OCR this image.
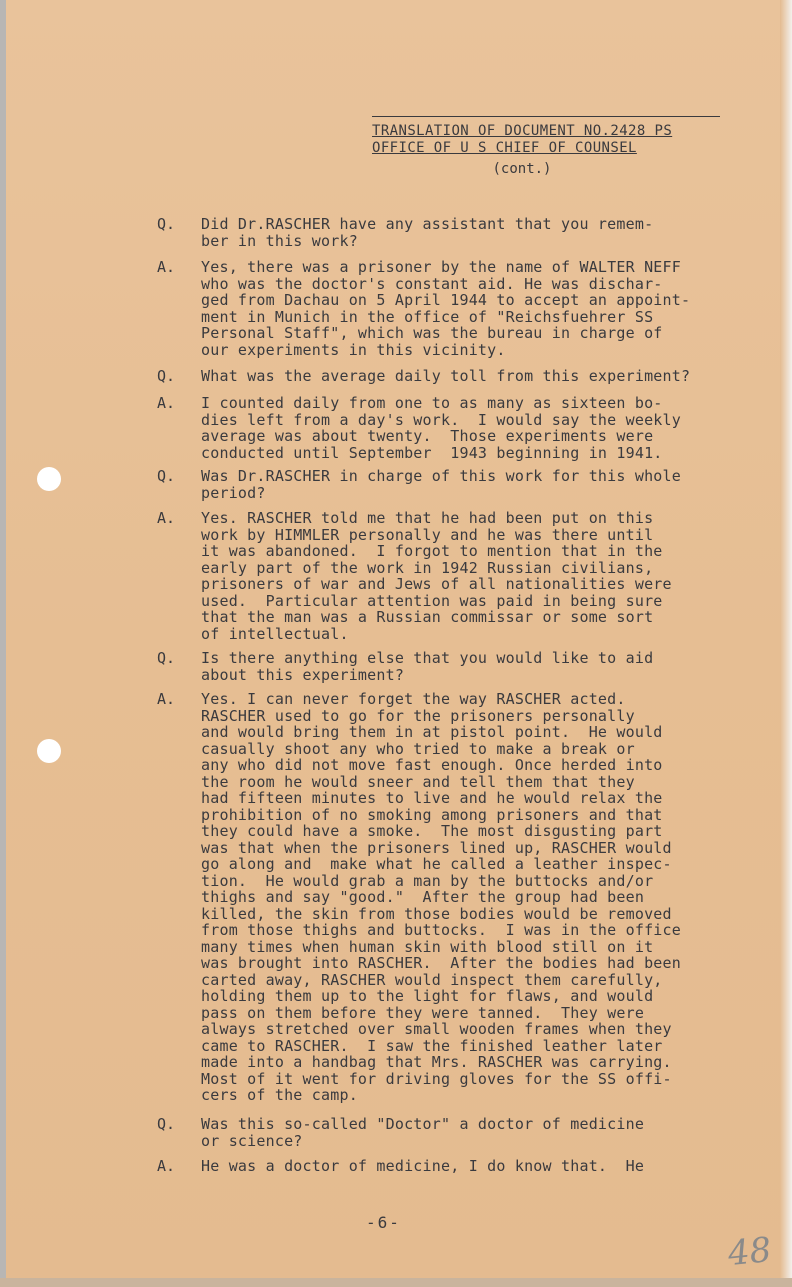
TRANSLATION OF DOCUMENT NO.2428 PS
OFFICE OF U S CHIEF OF COUNSEL
(cont.)
Q. Did Dr.RASCHER have any assistant that you remem-
ber in this work?
A. Yes, there was a prisoner by the name of WALTER NEFF
who was the doctor's constant aid. He was dischar-
ged from Dachau on 5 April 1944 to accept an appoint-
ment in Munich in the office of "Reichsfuehrer SS
Personal Staff", which was the bureau in charge of
our experiments in this vicinity.
Q. What was the average daily toll from this experiment?
A. I counted daily from one to as many as sixteen bo-
dies left from a day's work.  I would say the weekly
average was about twenty.  Those experiments were
conducted until September  1943 beginning in 1941.
Q. Was Dr.RASCHER in charge of this work for this whole
period?
A. Yes. RASCHER told me that he had been put on this
work by HIMMLER personally and he was there until
it was abandoned.  I forgot to mention that in the
early part of the work in 1942 Russian civilians,
prisoners of war and Jews of all nationalities were
used.  Particular attention was paid in being sure
that the man was a Russian commissar or some sort
of intellectual.
Q. Is there anything else that you would like to aid
about this experiment?
A. Yes. I can never forget the way RASCHER acted.
RASCHER used to go for the prisoners personally
and would bring them in at pistol point.  He would
casually shoot any who tried to make a break or
any who did not move fast enough. Once herded into
the room he would sneer and tell them that they
had fifteen minutes to live and he would relax the
prohibition of no smoking among prisoners and that
they could have a smoke.  The most disgusting part
was that when the prisoners lined up, RASCHER would
go along and  make what he called a leather inspec-
tion.  He would grab a man by the buttocks and/or
thighs and say "good."  After the group had been
killed, the skin from those bodies would be removed
from those thighs and buttocks.  I was in the office
many times when human skin with blood still on it
was brought into RASCHER.  After the bodies had been
carted away, RASCHER would inspect them carefully,
holding them up to the light for flaws, and would
pass on them before they were tanned.  They were
always stretched over small wooden frames when they
came to RASCHER.  I saw the finished leather later
made into a handbag that Mrs. RASCHER was carrying.
Most of it went for driving gloves for the SS offi-
cers of the camp.
Q. Was this so-called "Doctor" a doctor of medicine
or science?
A. He was a doctor of medicine, I do know that.  He
-6-
48
